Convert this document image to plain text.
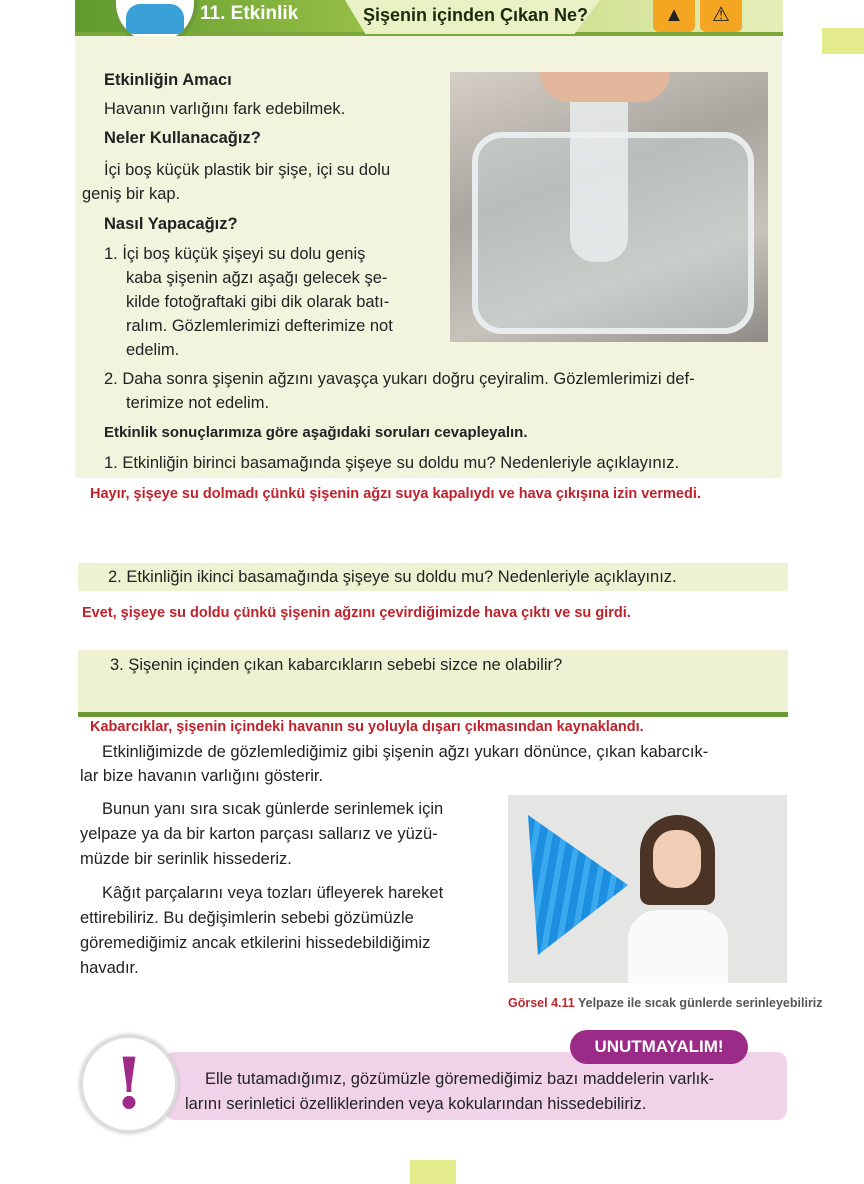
11. Etkinlik	Şişenin içinden Çıkan Ne?	▲	⚠
Etkinliğin Amacı
Havanın varlığını fark edebilmek.
Neler Kullanacağız?
İçi boş küçük plastik bir şişe, içi su dolu
geniş bir kap.
Nasıl Yapacağız?
1. İçi boş küçük şişeyi su dolu geniş
kaba şişenin ağzı aşağı gelecek şe-
kilde fotoğraftaki gibi dik olarak batı-
ralım. Gözlemlerimizi defterimize not
edelim.
2. Daha sonra şişenin ağzını yavaşça yukarı doğru çeyiralim. Gözlemlerimizi def-
terimize not edelim.
Etkinlik sonuçlarımıza göre aşağıdaki soruları cevapleyalın.
1. Etkinliğin birinci basamağında şişeye su doldu mu? Nedenleriyle açıklayınız.
Hayır, şişeye su dolmadı çünkü şişenin ağzı suya kapalıydı ve hava çıkışına izin vermedi.
2. Etkinliğin ikinci basamağında şişeye su doldu mu? Nedenleriyle açıklayınız.
Evet, şişeye su doldu çünkü şişenin ağzını çevirdiğimizde hava çıktı ve su girdi.
3. Şişenin içinden çıkan kabarcıkların sebebi sizce ne olabilir?
Kabarcıklar, şişenin içindeki havanın su yoluyla dışarı çıkmasından kaynaklandı.
Etkinliğimizde de gözlemlediğimiz gibi şişenin ağzı yukarı dönünce, çıkan kabarcık-
lar bize havanın varlığını gösterir.
Bunun yanı sıra sıcak günlerde serinlemek için
yelpaze ya da bir karton parçası sallarız ve yüzü-
müzde bir serinlik hissederiz.
Kâğıt parçalarını veya tozları üfleyerek hareket
ettirebiliriz. Bu değişimlerin sebebi gözümüzle
göremediğimiz ancak etkilerini hissedebildiğimiz
havadır.
Görsel 4.11 Yelpaze ile sıcak günlerde serinleyebiliriz
UNUTMAYALIM!
!	Elle tutamadığımız, gözümüzle göremediğimiz bazı maddelerin varlık-
larını serinletici özelliklerinden veya kokularından hissedebiliriz.
